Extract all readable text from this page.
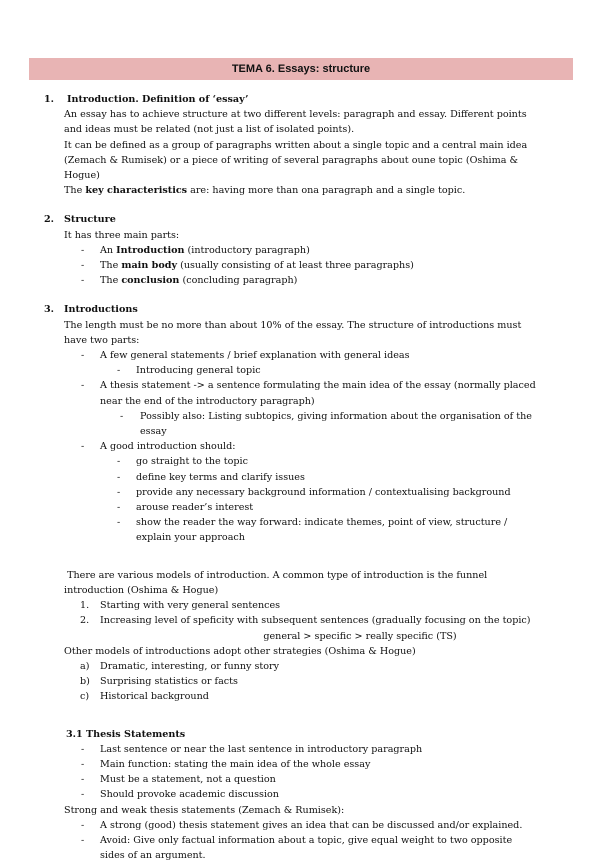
TEMA 6. Essays: structure
1. Introduction. Definition of ‘essay’
An essay has to achieve structure at two different levels: paragraph and essay. Different points and ideas must be related (not just a list of isolated points).
It can be defined as a group of paragraphs written about a single topic and a central main idea (Zemach & Rumisek) or a piece of writing of several paragraphs about oune topic (Oshima & Hogue)
The key characteristics are: having more than ona paragraph and a single topic.
2. Structure
It has three main parts:
- An Introduction (introductory paragraph)
- The main body (usually consisting of at least three paragraphs)
- The conclusion (concluding paragraph)
3. Introductions
The length must be no more than about 10% of the essay. The structure of introductions must have two parts:
- A few general statements / brief explanation with general ideas
- Introducing general topic
- A thesis statement -> a sentence formulating the main idea of the essay (normally placed near the end of the introductory paragraph)
- Possibly also: Listing subtopics, giving information about the organisation of the essay
- A good introduction should:
- go straight to the topic
- define key terms and clarify issues
- provide any necessary background information / contextualising background
- arouse reader’s interest
- show the reader the way forward: indicate themes, point of view, structure / explain your approach
There are various models of introduction. A common type of introduction is the funnel introduction (Oshima & Hogue)
1. Starting with very general sentences
2. Increasing level of speficity with subsequent sentences (gradually focusing on the topic)
general > specific > really specific (TS)
Other models of introductions adopt other strategies (Oshima & Hogue)
a) Dramatic, interesting, or funny story
b) Surprising statistics or facts
c) Historical background
3.1 Thesis Statements
- Last sentence or near the last sentence in introductory paragraph
- Main function: stating the main idea of the whole essay
- Must be a statement, not a question
- Should provoke academic discussion
Strong and weak thesis statements (Zemach & Rumisek):
- A strong (good) thesis statement gives an idea that can be discussed and/or explained.
- Avoid: Give only factual information about a topic, give equal weight to two opposite sides of an argument.
